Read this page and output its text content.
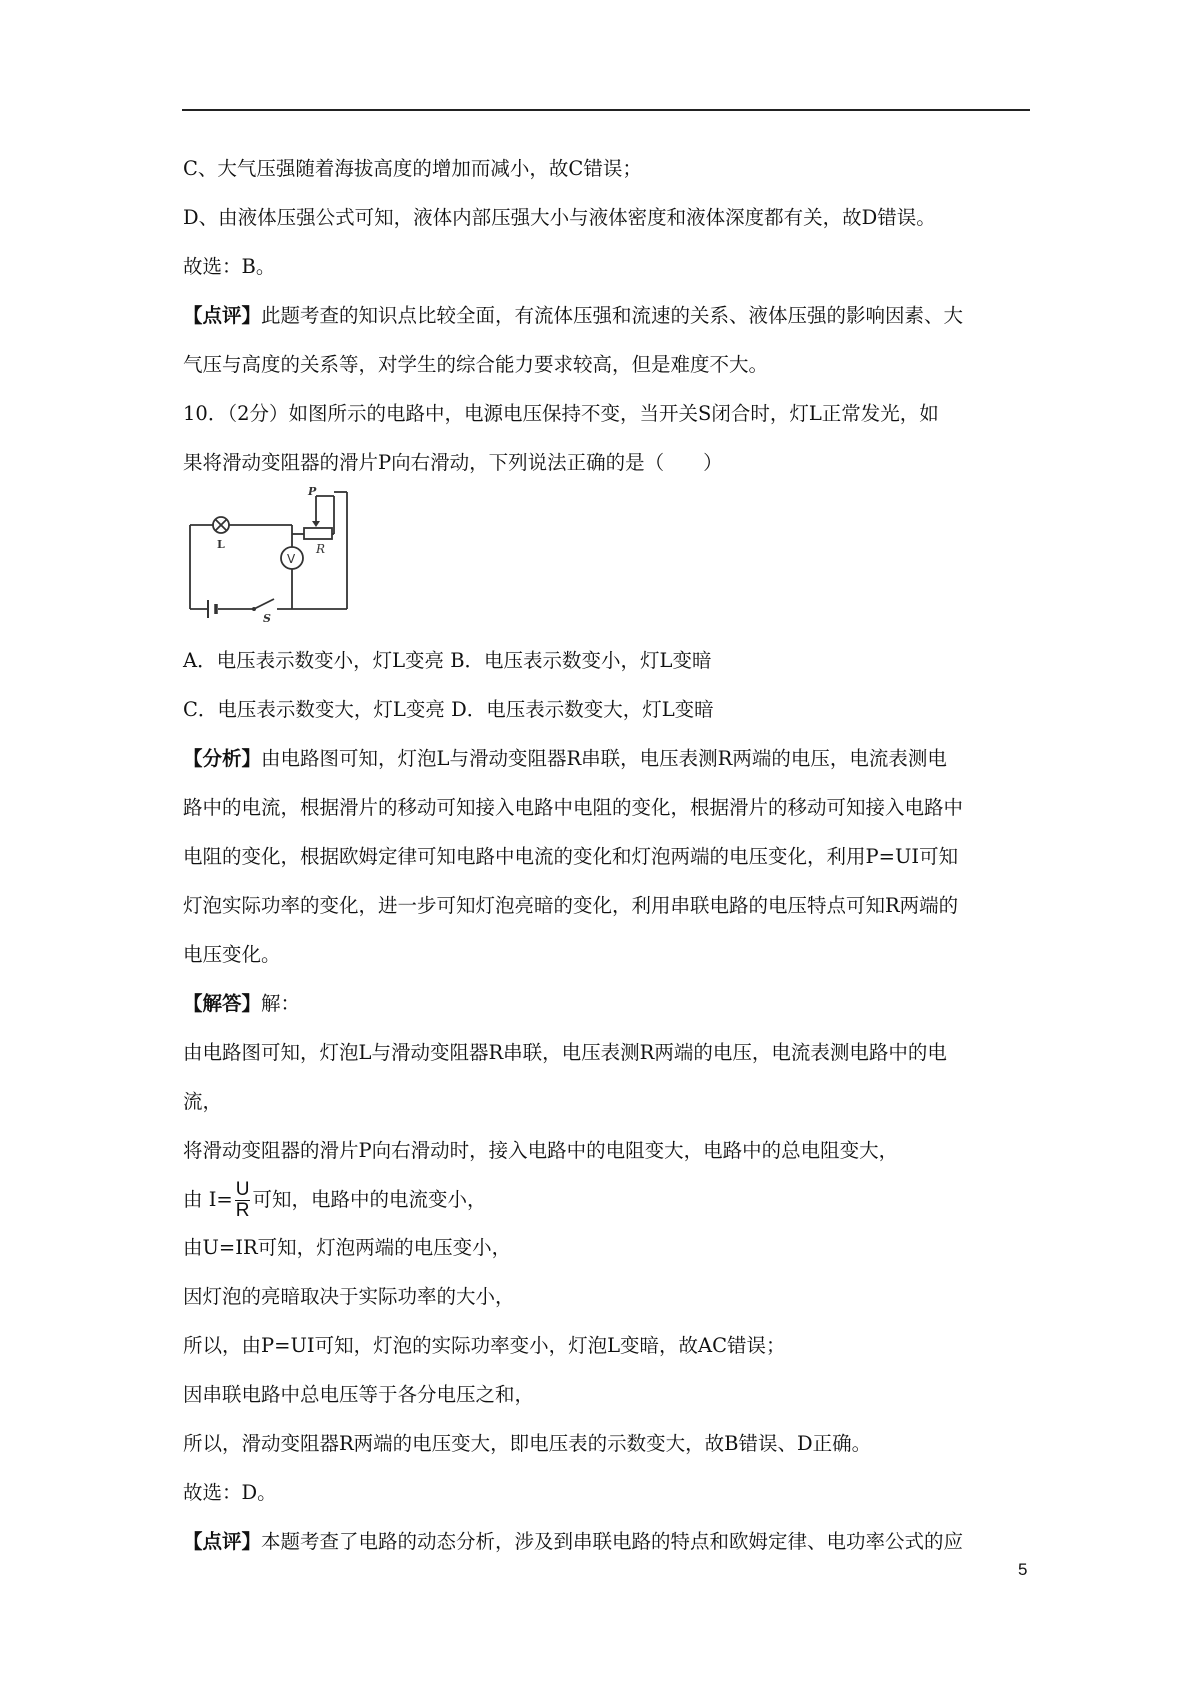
C、大气压强随着海拔高度的增加而减小，故C错误；
D、由液体压强公式可知，液体内部压强大小与液体密度和液体深度都有关，故D错误。
故选：B。
【点评】此题考查的知识点比较全面，有流体压强和流速的关系、液体压强的影响因素、大
气压与高度的关系等，对学生的综合能力要求较高，但是难度不大。
10．（2分）如图所示的电路中，电源电压保持不变，当开关S闭合时，灯L正常发光，如
果将滑动变阻器的滑片P向右滑动，下列说法正确的是（　　）
P
R
L
V
S
A．电压表示数变小，灯L变亮 B．电压表示数变小，灯L变暗
C．电压表示数变大，灯L变亮 D．电压表示数变大，灯L变暗
【分析】由电路图可知，灯泡L与滑动变阻器R串联，电压表测R两端的电压，电流表测电
路中的电流，根据滑片的移动可知接入电路中电阻的变化，根据滑片的移动可知接入电路中
电阻的变化，根据欧姆定律可知电路中电流的变化和灯泡两端的电压变化，利用P=UI可知
灯泡实际功率的变化，进一步可知灯泡亮暗的变化，利用串联电路的电压特点可知R两端的
电压变化。
【解答】解：
由电路图可知，灯泡L与滑动变阻器R串联，电压表测R两端的电压，电流表测电路中的电
流，
将滑动变阻器的滑片P向右滑动时，接入电路中的电阻变大，电路中的总电阻变大，
由 $I= \frac{U}{R}$ 可知，电路中的电流变小，
由U=IR可知，灯泡两端的电压变小，
因灯泡的亮暗取决于实际功率的大小，
所以，由P=UI可知，灯泡的实际功率变小，灯泡L变暗，故AC错误；
因串联电路中总电压等于各分电压之和，
所以，滑动变阻器R两端的电压变大，即电压表的示数变大，故B错误、D正确。
故选：D。
【点评】本题考查了电路的动态分析，涉及到串联电路的特点和欧姆定律、电功率公式的应
5
